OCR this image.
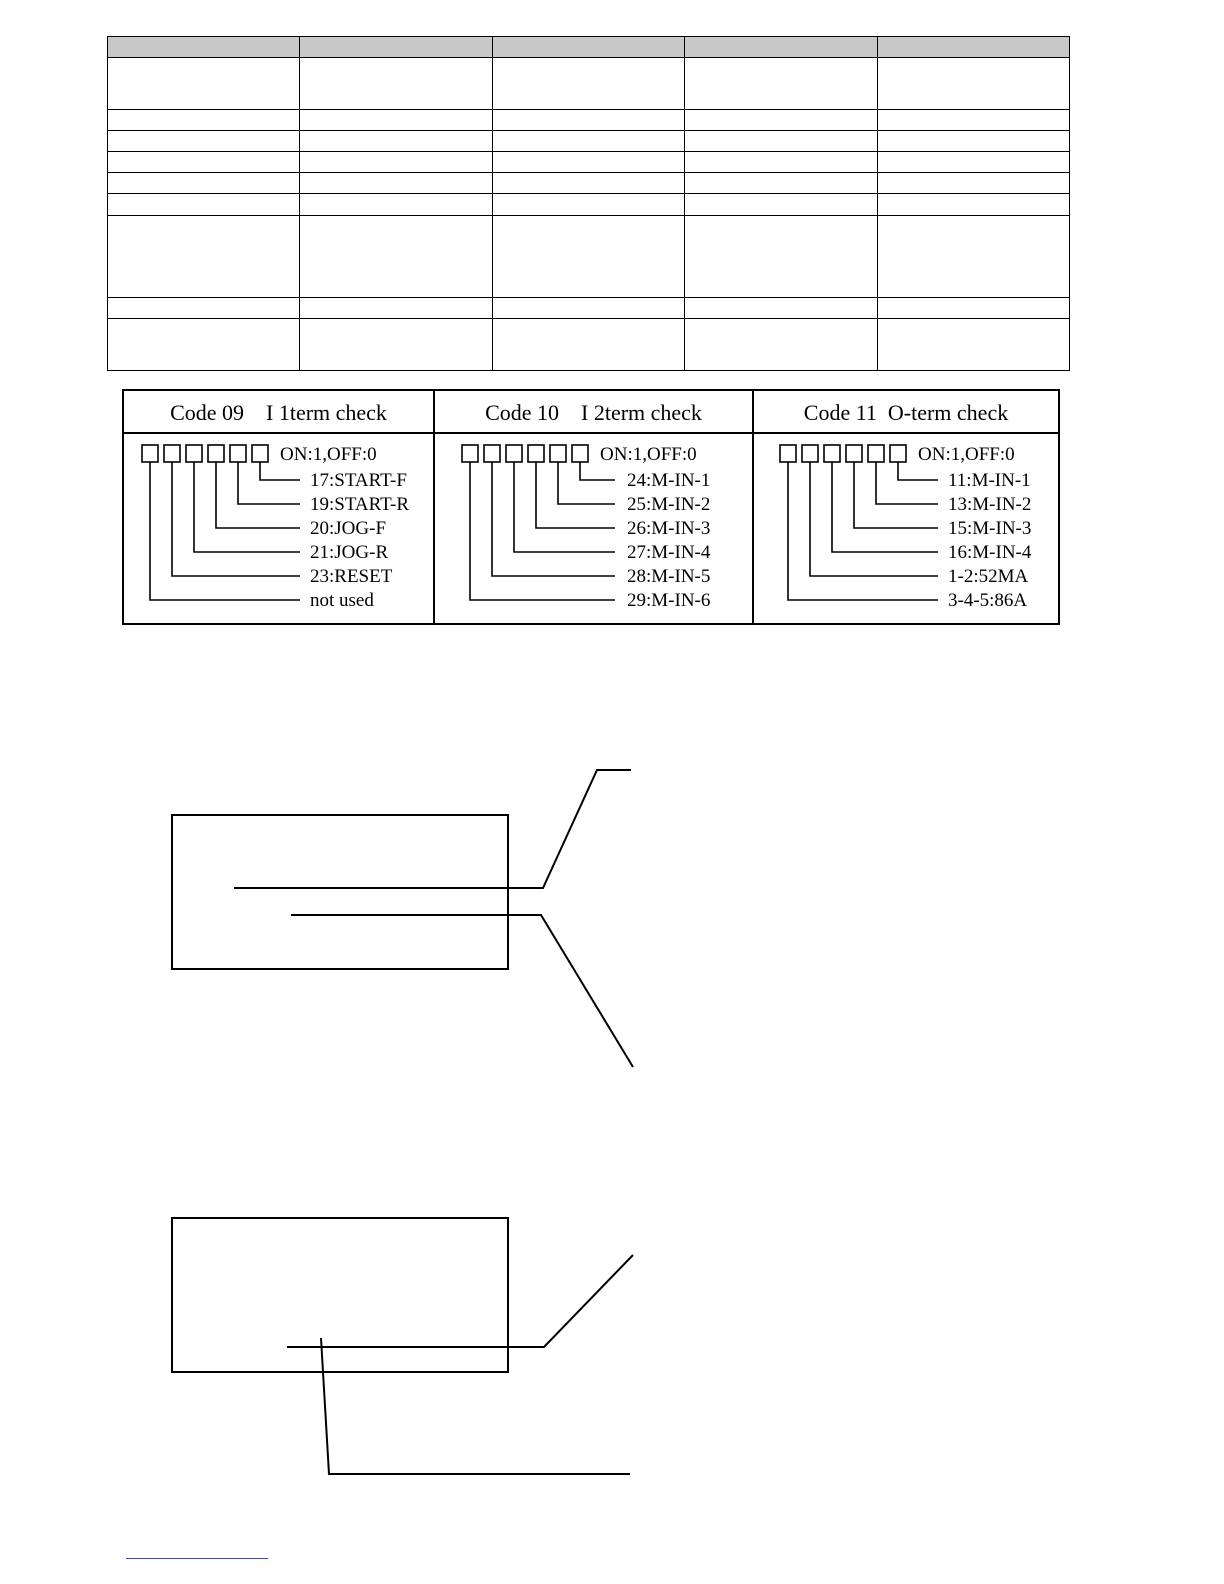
Code 09    I 1term check
ON:1,OFF:0
17:START-F
19:START-R
20:JOG-F
21:JOG-R
23:RESET
not used
Code 10    I 2term check
ON:1,OFF:0
24:M-IN-1
25:M-IN-2
26:M-IN-3
27:M-IN-4
28:M-IN-5
29:M-IN-6
Code 11  O-term check
ON:1,OFF:0
11:M-IN-1
13:M-IN-2
15:M-IN-3
16:M-IN-4
1-2:52MA
3-4-5:86A
